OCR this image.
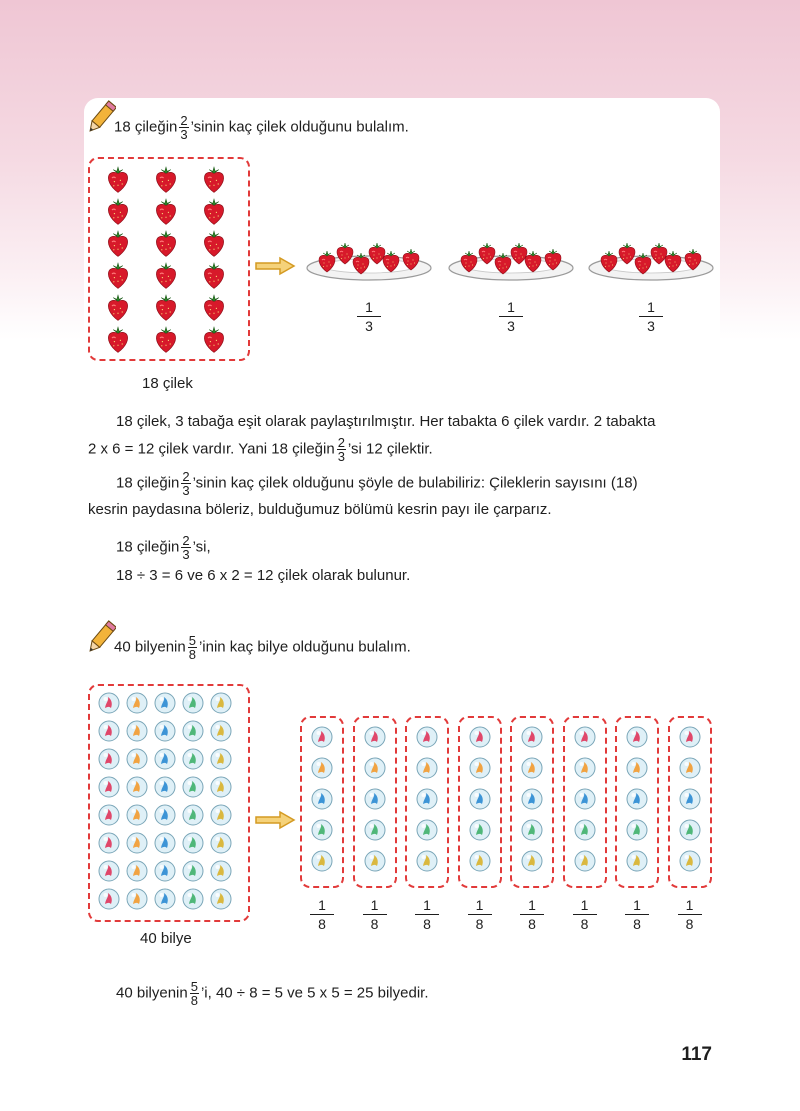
18 çileğin $\frac{2}{3}$ ’sinin kaç çilek olduğunu bulalım.
18 çilek
1
3
1
3
1
3
18 çilek, 3 tabağa eşit olarak paylaştırılmıştır. Her tabakta 6 çilek vardır. 2 tabakta
2 x 6 = 12 çilek vardır. Yani 18 çileğin $\frac{2}{3}$ ’si 12 çilektir.
18 çileğin $\frac{2}{3}$ ’sinin kaç çilek olduğunu şöyle de bulabiliriz: Çileklerin sayısını (18)
kesrin paydasına böleriz, bulduğumuz bölümü kesrin payı ile çarparız.
18 çileğin $\frac{2}{3}$ ’si,
18 ÷ 3 = 6 ve 6 x 2 = 12 çilek olarak bulunur.
40 bilyenin $\frac{5}{8}$ ’inin kaç bilye olduğunu bulalım.
40 bilye
1
8
1
8
1
8
1
8
1
8
1
8
1
8
1
8
40 bilyenin $\frac{5}{8}$ ’i, 40 ÷ 8 = 5 ve 5 x 5 = 25 bilyedir.
117
